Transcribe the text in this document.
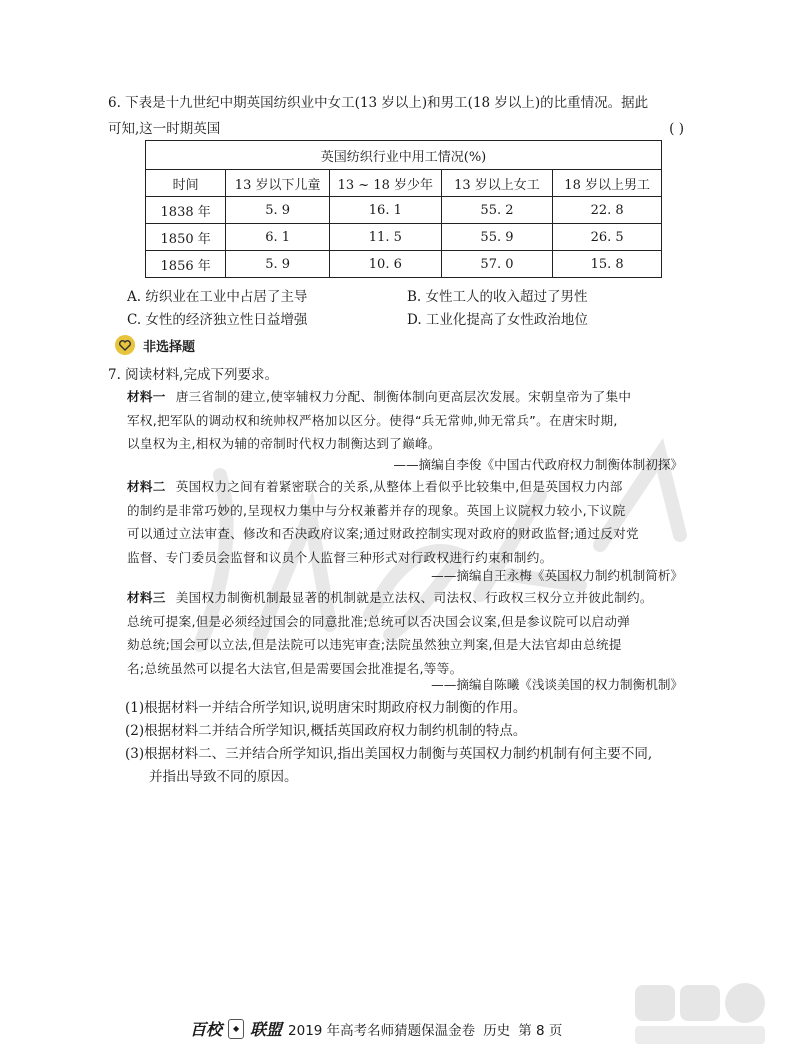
6. 下表是十九世纪中期英国纺织业中女工(13 岁以上)和男工(18 岁以上)的比重情况。据此

可知,这一时期英国	( )
英国纺织行业中用工情况(%)				
时间	13 岁以下儿童	13 ~ 18 岁少年	13 岁以上女工	18 岁以上男工
1838 年	5. 9	16. 1	55. 2	22. 8
1850 年	6. 1	11. 5	55. 9	26. 5
1856 年	5. 9	10. 6	57. 0	15. 8
A. 纺织业在工业中占居了主导	B. 女性工人的收入超过了男性
C. 女性的经济独立性日益增强	D. 工业化提高了女性政治地位
非选择题
7. 阅读材料,完成下列要求。
材料一 唐三省制的建立,使宰辅权力分配、制衡体制向更高层次发展。宋朝皇帝为了集中
军权,把军队的调动权和统帅权严格加以区分。使得“兵无常帅,帅无常兵”。在唐宋时期,
以皇权为主,相权为辅的帝制时代权力制衡达到了巅峰。
——摘编自李俊《中国古代政府权力制衡体制初探》
材料二 英国权力之间有着紧密联合的关系,从整体上看似乎比较集中,但是英国权力内部
的制约是非常巧妙的,呈现权力集中与分权兼蓄并存的现象。英国上议院权力较小,下议院
可以通过立法审查、修改和否决政府议案;通过财政控制实现对政府的财政监督;通过反对党
监督、专门委员会监督和议员个人监督三种形式对行政权进行约束和制约。
——摘编自王永梅《英国权力制约机制简析》
材料三 美国权力制衡机制最显著的机制就是立法权、司法权、行政权三权分立并彼此制约。
总统可提案,但是必须经过国会的同意批准;总统可以否决国会议案,但是参议院可以启动弹
劾总统;国会可以立法,但是法院可以违宪审查;法院虽然独立判案,但是大法官却由总统提
名;总统虽然可以提名大法官,但是需要国会批准提名,等等。
——摘编自陈曦《浅谈美国的权力制衡机制》
(1)根据材料一并结合所学知识,说明唐宋时期政府权力制衡的作用。
(2)根据材料二并结合所学知识,概括英国政府权力制约机制的特点。
(3)根据材料二、三并结合所学知识,指出美国权力制衡与英国权力制约机制有何主要不同,
并指出导致不同的原因。
百校	◆ 联盟 2019 年高考名师猜题保温金卷 历史 第 8 页
